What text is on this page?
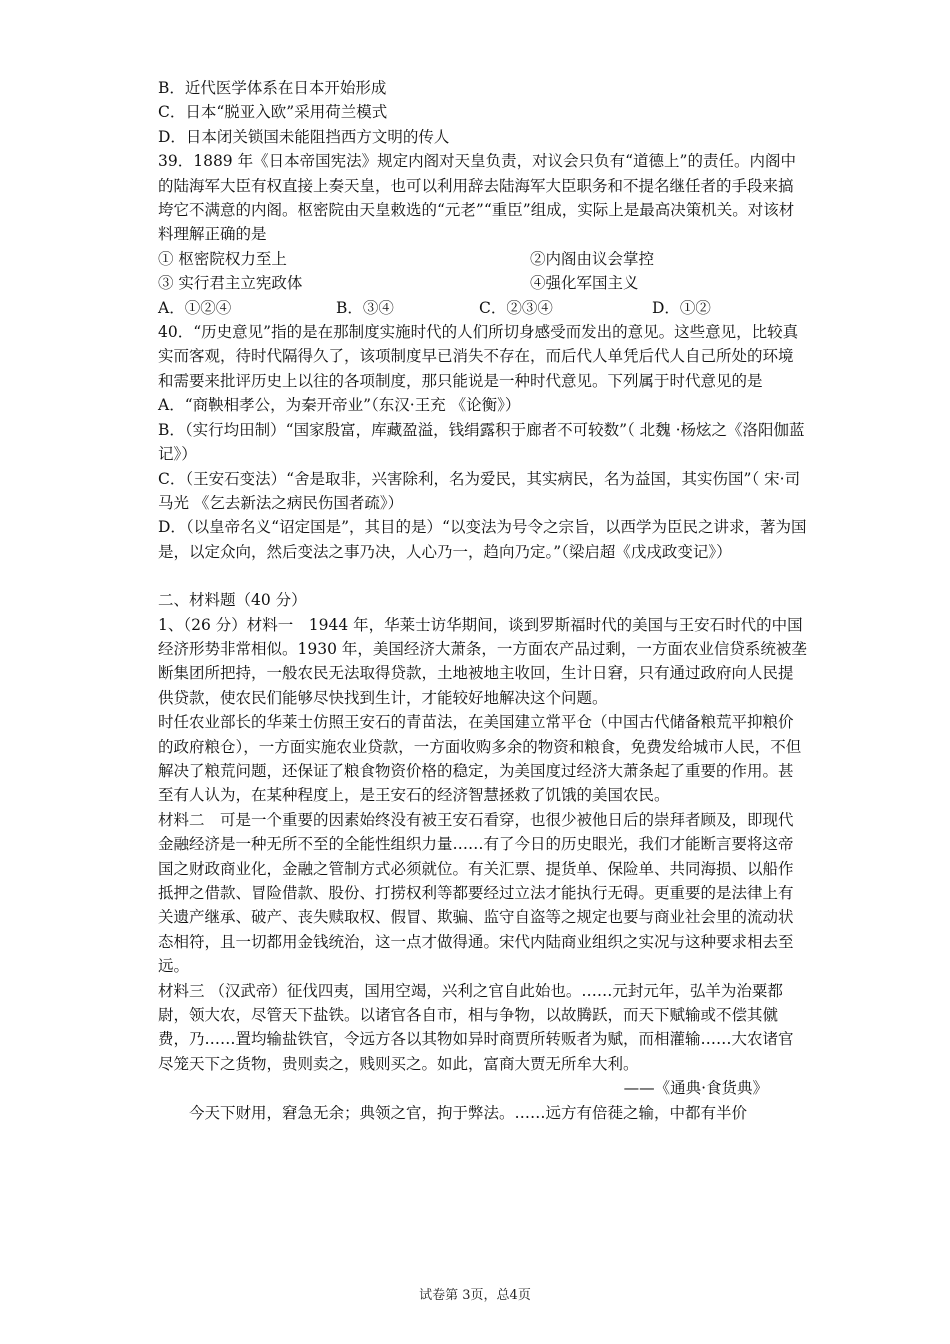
B．近代医学体系在日本开始形成

C．日本“脱亚入欧”采用荷兰模式

D．日本闭关锁国未能阻挡西方文明的传人

39．1889 年《日本帝国宪法》规定内阁对天皇负责，对议会只负有“道德上”的责任。内阁中的陆海军大臣有权直接上奏天皇，也可以利用辞去陆海军大臣职务和不提名继任者的手段来搞垮它不满意的内阁。枢密院由天皇敕选的“元老”“重臣”组成，实际上是最高决策机关。对该材料理解正确的是

① 枢密院权力至上	②内阁由议会掌控
③ 实行君主立宪政体	④强化军国主义
A．①②④	B．③④	C．②③④	D．①②

40．“历史意见”指的是在那制度实施时代的人们所切身感受而发出的意见。这些意见，比较真实而客观，待时代隔得久了，该项制度早已消失不存在，而后代人单凭后代人自己所处的环境和需要来批评历史上以往的各项制度，那只能说是一种时代意见。下列属于时代意见的是

A．“商鞅相孝公，为秦开帝业”（东汉·王充 《论衡》）

B．（实行均田制）“国家殷富，库藏盈溢，钱绢露积于廊者不可较数”（ 北魏 ·杨炫之《洛阳伽蓝记》）

C．（王安石变法）“舍是取非，兴害除利，名为爱民，其实病民，名为益国，其实伤国”（ 宋·司马光 《乞去新法之病民伤国者疏》）

D．（以皇帝名义“诏定国是”，其目的是）“以变法为号令之宗旨，以西学为臣民之讲求，著为国是，以定众向，然后变法之事乃决，人心乃一，趋向乃定。”（梁启超《戊戌政变记》）

二、材料题（40 分）

1、（26 分）材料一　1944 年，华莱士访华期间，谈到罗斯福时代的美国与王安石时代的中国经济形势非常相似。1930 年，美国经济大萧条，一方面农产品过剩，一方面农业信贷系统被垄断集团所把持，一般农民无法取得贷款，土地被地主收回，生计日窘，只有通过政府向人民提供贷款，使农民们能够尽快找到生计，才能较好地解决这个问题。

时任农业部长的华莱士仿照王安石的青苗法，在美国建立常平仓（中国古代储备粮荒平抑粮价的政府粮仓），一方面实施农业贷款，一方面收购多余的物资和粮食，免费发给城市人民，不但解决了粮荒问题，还保证了粮食物资价格的稳定，为美国度过经济大萧条起了重要的作用。甚至有人认为，在某种程度上，是王安石的经济智慧拯救了饥饿的美国农民。

材料二　可是一个重要的因素始终没有被王安石看穿，也很少被他日后的崇拜者顾及，即现代金融经济是一种无所不至的全能性组织力量……有了今日的历史眼光，我们才能断言要将这帝国之财政商业化，金融之管制方式必须就位。有关汇票、提货单、保险单、共同海损、以船作抵押之借款、冒险借款、股份、打捞权利等都要经过立法才能执行无碍。更重要的是法律上有关遗产继承、破产、丧失赎取权、假冒、欺骗、监守自盗等之规定也要与商业社会里的流动状态相符，且一切都用金钱统治，这一点才做得通。宋代内陆商业组织之实况与这种要求相去至远。

材料三 （汉武帝）征伐四夷，国用空竭，兴利之官自此始也。……元封元年，弘羊为治粟都尉，领大农，尽管天下盐铁。以诸官各自市，相与争物，以故腾跃，而天下赋输或不偿其僦费，乃……置均输盐铁官，令远方各以其物如异时商贾所转贩者为赋，而相灌输……大农诸官尽笼天下之货物，贵则卖之，贱则买之。如此，富商大贾无所牟大利。

——《通典·食货典》

今天下财用，窘急无余；典领之官，拘于弊法。……远方有倍蓰之输，中都有半价

试卷第 3页，总4页
